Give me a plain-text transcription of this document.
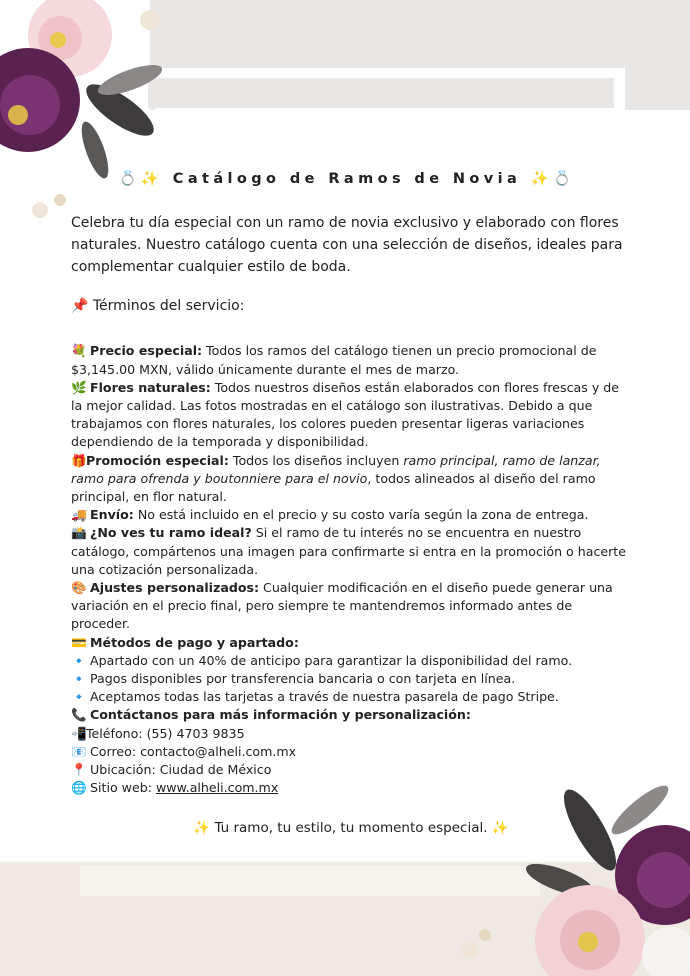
💍✨ Catálogo de Ramos de Novia ✨💍

Celebra tu día especial con un ramo de novia exclusivo y elaborado con flores naturales. Nuestro catálogo cuenta con una selección de diseños, ideales para complementar cualquier estilo de boda.

📌 Términos del servicio:

💐 Precio especial: Todos los ramos del catálogo tienen un precio promocional de $3,145.00 MXN, válido únicamente durante el mes de marzo.

🌿 Flores naturales: Todos nuestros diseños están elaborados con flores frescas y de la mejor calidad. Las fotos mostradas en el catálogo son ilustrativas. Debido a que trabajamos con flores naturales, los colores pueden presentar ligeras variaciones dependiendo de la temporada y disponibilidad.

🎁Promoción especial: Todos los diseños incluyen ramo principal, ramo de lanzar, ramo para ofrenda y boutonniere para el novio, todos alineados al diseño del ramo principal, en flor natural.

🚚 Envío: No está incluido en el precio y su costo varía según la zona de entrega.

📸 ¿No ves tu ramo ideal? Si el ramo de tu interés no se encuentra en nuestro catálogo, compártenos una imagen para confirmarte si entra en la promoción o hacerte una cotización personalizada.

🎨 Ajustes personalizados: Cualquier modificación en el diseño puede generar una variación en el precio final, pero siempre te mantendremos informado antes de proceder.

💳 Métodos de pago y apartado:

🔹 Apartado con un 40% de anticipo para garantizar la disponibilidad del ramo.

🔹 Pagos disponibles por transferencia bancaria o con tarjeta en línea.

🔹 Aceptamos todas las tarjetas a través de nuestra pasarela de pago Stripe.

📞 Contáctanos para más información y personalización:

📲Teléfono: (55) 4703 9835

📧 Correo: contacto@alheli.com.mx

📍 Ubicación: Ciudad de México

🌐 Sitio web: www.alheli.com.mx

✨ Tu ramo, tu estilo, tu momento especial. ✨
